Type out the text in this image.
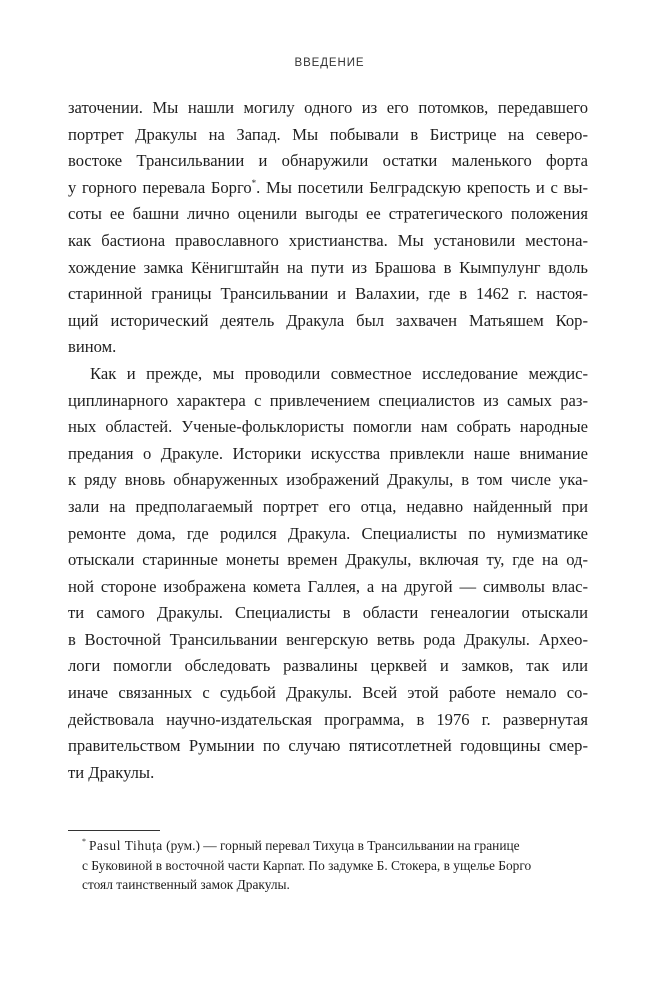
ВВЕДЕНИЕ
заточении. Мы нашли могилу одного из его потомков, передавшего
портрет Дракулы на Запад. Мы побывали в Бистрице на северо-
востоке Трансильвании и обнаружили остатки маленького форта
у горного перевала Борго*. Мы посетили Белградскую крепость и с вы-
соты ее башни лично оценили выгоды ее стратегического положения
как бастиона православного христианства. Мы установили местона-
хождение замка Кёнигштайн на пути из Брашова в Кымпулунг вдоль
старинной границы Трансильвании и Валахии, где в 1462 г. настоя-
щий исторический деятель Дракула был захвачен Матьяшем Кор-
вином.
Как и прежде, мы проводили совместное исследование междис-
циплинарного характера с привлечением специалистов из самых раз-
ных областей. Ученые-фольклористы помогли нам собрать народные
предания о Дракуле. Историки искусства привлекли наше внимание
к ряду вновь обнаруженных изображений Дракулы, в том числе ука-
зали на предполагаемый портрет его отца, недавно найденный при
ремонте дома, где родился Дракула. Специалисты по нумизматике
отыскали старинные монеты времен Дракулы, включая ту, где на од-
ной стороне изображена комета Галлея, а на другой — символы влас-
ти самого Дракулы. Специалисты в области генеалогии отыскали
в Восточной Трансильвании венгерскую ветвь рода Дракулы. Архео-
логи помогли обследовать развалины церквей и замков, так или
иначе связанных с судьбой Дракулы. Всей этой работе немало со-
действовала научно-издательская программа, в 1976 г. развернутая
правительством Румынии по случаю пятисотлетней годовщины смер-
ти Дракулы.
* Pasul Tihuța (рум.) — горный перевал Тихуца в Трансильвании на границе
с Буковиной в восточной части Карпат. По задумке Б. Стокера, в ущелье Борго
стоял таинственный замок Дракулы.
